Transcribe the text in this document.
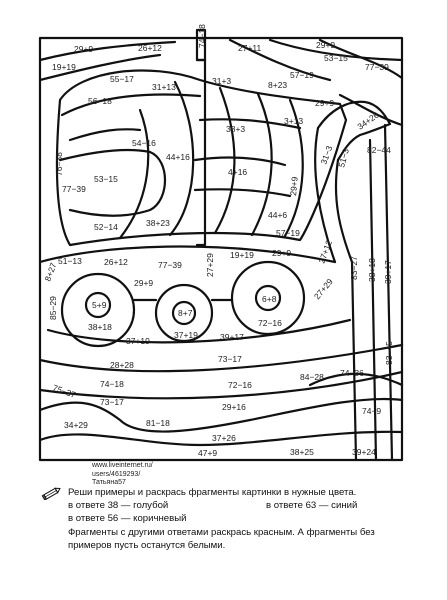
29+9	26+12	74−18	27+11	29+9
19+19
53−15
77−39
55−17
31+13
31+3
57−19
56−18
8+23
29+9
3+13
38+3
54−16
44+16
76−38	4+16
53−15
82−44
77−39
44+6
38+23
52−14
57−19
26+12
51−13	77−39	27+29 19+19 29+9	27+12
8+27
29+9
38+18
83−27	39+17
5+9
8+7
6+8
85−29
38+18
37+19
37+19	39+17
72−16
27+29
28+28
73−17	83−45
74−18	72−16
84−28 74−36
75−37
73−17	29+16
81−18
34+29
74−9
37+26
38+25	39+24
34+26
31−3 51−3
29+9
47+9
www.liveinternet.ru/
users/4619293/
Татьяна57
Реши примеры и раскрась фрагменты картинки в нужные цвета.
в ответе 38 — голубой	в ответе 63 — синий
в ответе 56 — коричневый
Фрагменты с другими ответами раскрась красным. А фрагменты без
примеров пусть останутся белыми.
